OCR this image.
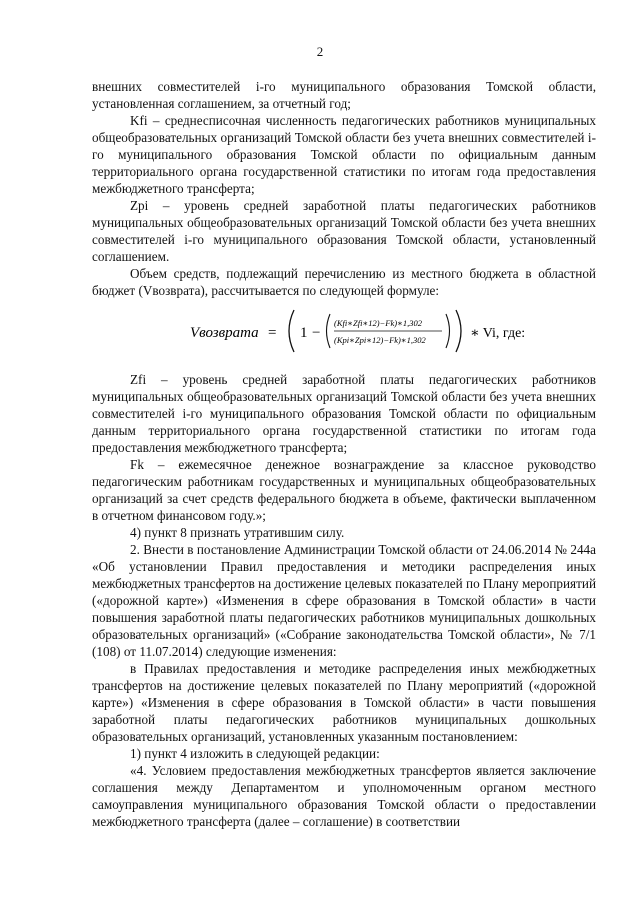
2

внешних совместителей i-го муниципального образования Томской области, установленная соглашением, за отчетный год;

Kfi – среднесписочная численность педагогических работников муниципальных общеобразовательных организаций Томской области без учета внешних совместителей i-го муниципального образования Томской области по официальным данным территориального органа государственной статистики по итогам года предоставления межбюджетного трансферта;

Zpi – уровень средней заработной платы педагогических работников муниципальных общеобразовательных организаций Томской области без учета внешних совместителей i-го муниципального образования Томской области, установленный соглашением.

Объем средств, подлежащий перечислению из местного бюджета в областной бюджет (Vвозврата), рассчитывается по следующей формуле:

Vвозврата = 1 −
(Kfi∗Zfi∗12)−Fk)∗1,302
(Kpi∗Zpi∗12)−Fk)∗1,302	∗ Vi, где:

Zfi – уровень средней заработной платы педагогических работников муниципальных общеобразовательных организаций Томской области без учета внешних совместителей i-го муниципального образования Томской области по официальным данным территориального органа государственной статистики по итогам года предоставления межбюджетного трансферта;

Fk – ежемесячное денежное вознаграждение за классное руководство педагогическим работникам государственных и муниципальных общеобразовательных организаций за счет средств федерального бюджета в объеме, фактически выплаченном в отчетном финансовом году.»;

4) пункт 8 признать утратившим силу.

2. Внести в постановление Администрации Томской области от 24.06.2014 № 244а «Об установлении Правил предоставления и методики распределения иных межбюджетных трансфертов на достижение целевых показателей по Плану мероприятий («дорожной карте») «Изменения в сфере образования в Томской области» в части повышения заработной платы педагогических работников муниципальных дошкольных образовательных организаций» («Собрание законодательства Томской области», № 7/1 (108) от 11.07.2014) следующие изменения:

в Правилах предоставления и методике распределения иных межбюджетных трансфертов на достижение целевых показателей по Плану мероприятий («дорожной карте») «Изменения в сфере образования в Томской области» в части повышения заработной платы педагогических работников муниципальных дошкольных образовательных организаций, установленных указанным постановлением:

1) пункт 4 изложить в следующей редакции:

«4. Условием предоставления межбюджетных трансфертов является заключение соглашения между Департаментом и уполномоченным органом местного самоуправления муниципального образования Томской области о предоставлении межбюджетного трансферта (далее – соглашение) в соответствии
